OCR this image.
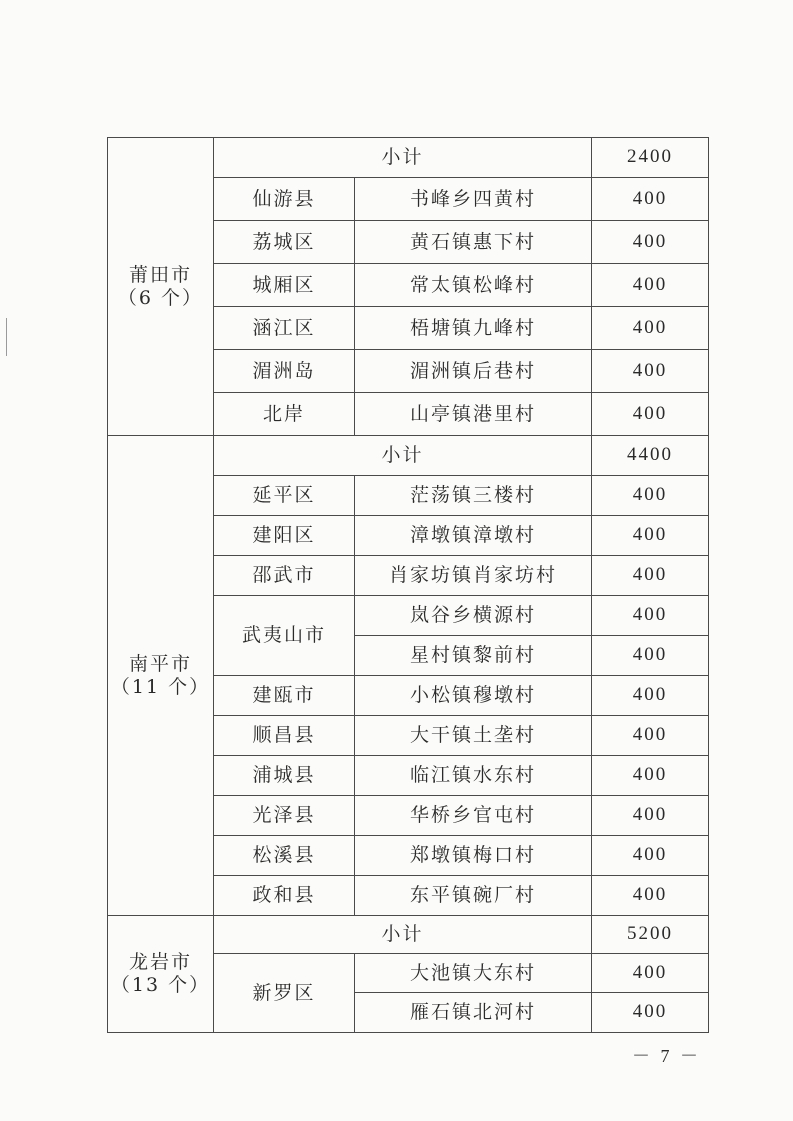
莆田市
（6 个）	小计		2400
	仙游县	书峰乡四黄村	400
	荔城区	黄石镇惠下村	400
	城厢区	常太镇松峰村	400
	涵江区	梧塘镇九峰村	400
	湄洲岛	湄洲镇后巷村	400
	北岸	山亭镇港里村	400

南平市
（11 个）	小计		4400
	延平区	茫荡镇三楼村	400
	建阳区	漳墩镇漳墩村	400
	邵武市	肖家坊镇肖家坊村	400
	武夷山市	岚谷乡横源村	400
		星村镇黎前村	400
	建瓯市	小松镇穆墩村	400
	顺昌县	大干镇土垄村	400
	浦城县	临江镇水东村	400
	光泽县	华桥乡官屯村	400
	松溪县	郑墩镇梅口村	400
	政和县	东平镇碗厂村	400

龙岩市
（13 个）	小计		5200
	新罗区	大池镇大东村	400
		雁石镇北河村	400
－ 7 －
